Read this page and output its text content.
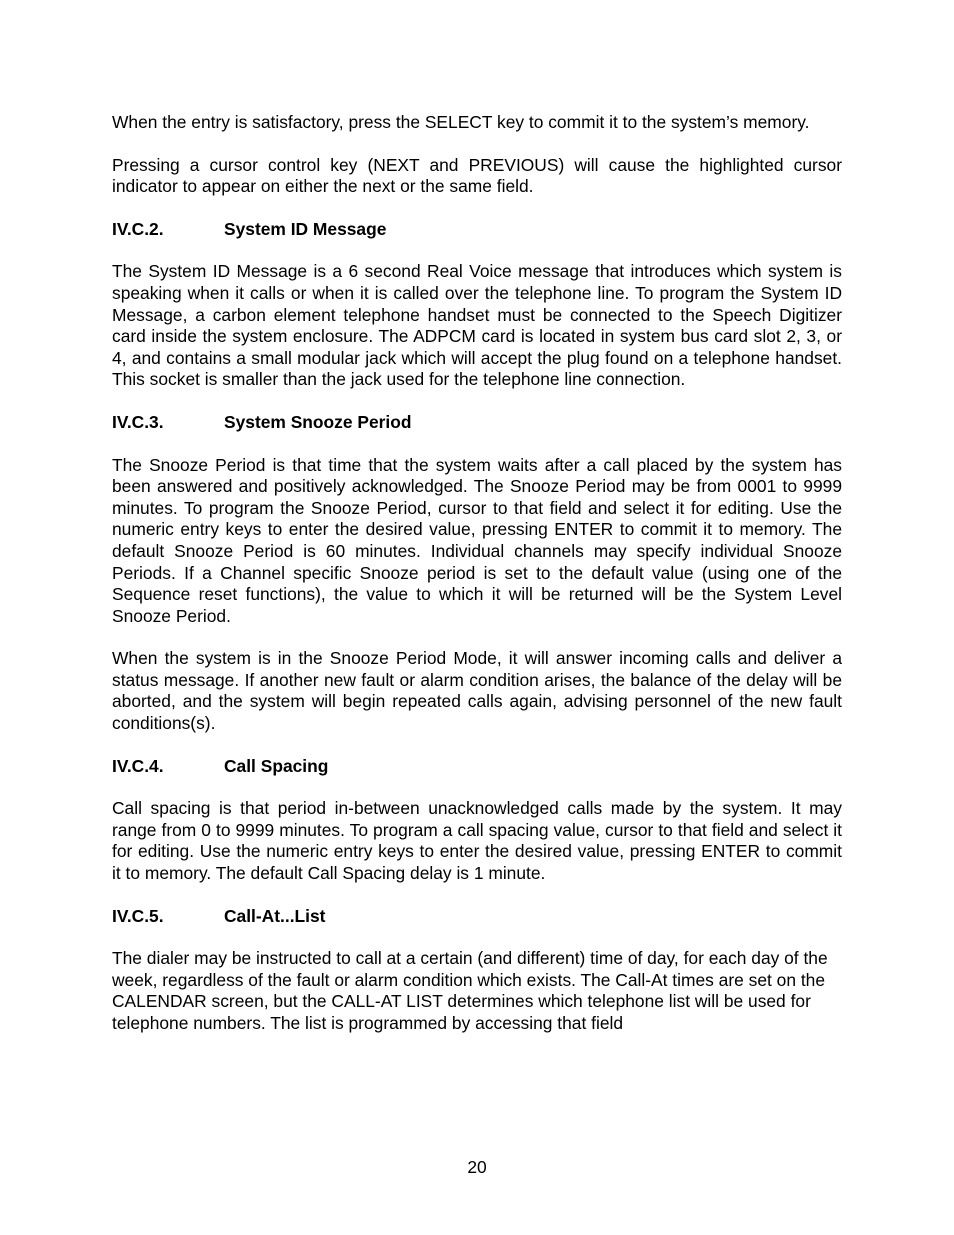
When the entry is satisfactory, press the SELECT key to commit it to the system’s memory.

Pressing a cursor control key (NEXT and PREVIOUS) will cause the highlighted cursor indicator to appear on either the next or the same field.

IV.C.2.	System ID Message

The System ID Message is a 6 second Real Voice message that introduces which system is speaking when it calls or when it is called over the telephone line. To program the System ID Message, a carbon element telephone handset must be connected to the Speech Digitizer card inside the system enclosure. The ADPCM card is located in system bus card slot 2, 3, or 4, and contains a small modular jack which will accept the plug found on a telephone handset. This socket is smaller than the jack used for the telephone line connection.

IV.C.3.	System Snooze Period

The Snooze Period is that time that the system waits after a call placed by the system has been answered and positively acknowledged. The Snooze Period may be from 0001 to 9999 minutes. To program the Snooze Period, cursor to that field and select it for editing. Use the numeric entry keys to enter the desired value, pressing ENTER to commit it to memory. The default Snooze Period is 60 minutes. Individual channels may specify individual Snooze Periods. If a Channel specific Snooze period is set to the default value (using one of the Sequence reset functions), the value to which it will be returned will be the System Level Snooze Period.

When the system is in the Snooze Period Mode, it will answer incoming calls and deliver a status message. If another new fault or alarm condition arises, the balance of the delay will be aborted, and the system will begin repeated calls again, advising personnel of the new fault conditions(s).

IV.C.4.	Call Spacing

Call spacing is that period in-between unacknowledged calls made by the system. It may range from 0 to 9999 minutes. To program a call spacing value, cursor to that field and select it for editing. Use the numeric entry keys to enter the desired value, pressing ENTER to commit it to memory. The default Call Spacing delay is 1 minute.

IV.C.5.	Call-At...List

The dialer may be instructed to call at a certain (and different) time of day, for each day of the week, regardless of the fault or alarm condition which exists. The Call-At times are set on the CALENDAR screen, but the CALL-AT LIST determines which telephone list will be used for telephone numbers. The list is programmed by accessing that field

20
